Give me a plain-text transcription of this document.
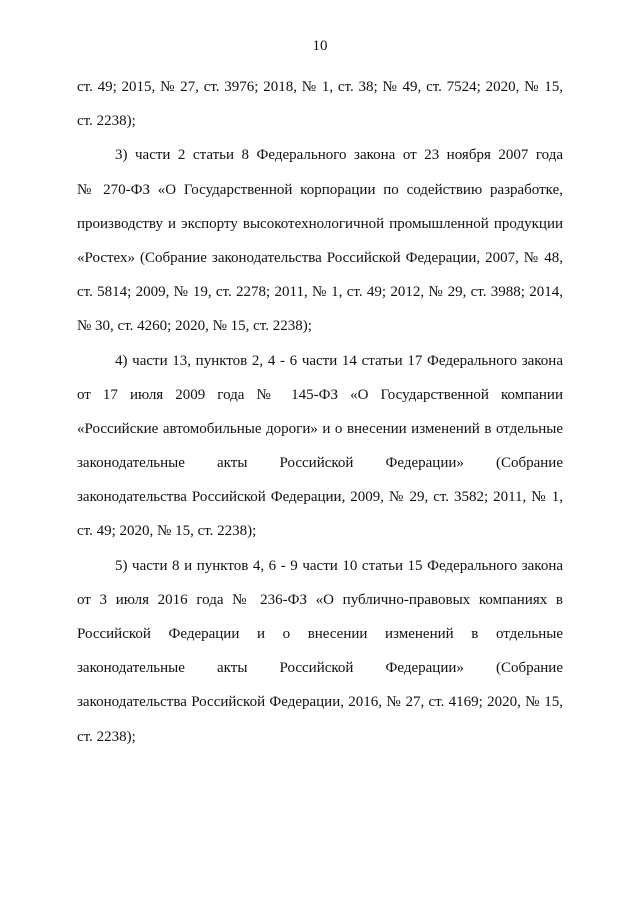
10
ст. 49; 2015, № 27, ст. 3976; 2018, № 1, ст. 38; № 49, ст. 7524; 2020, № 15,
ст. 2238);
3) части 2 статьи 8 Федерального закона от 23 ноября 2007 года
№ 270-ФЗ «О Государственной корпорации по содействию разработке,
производству и экспорту высокотехнологичной промышленной продукции
«Ростех» (Собрание законодательства Российской Федерации, 2007, № 48,
ст. 5814; 2009, № 19, ст. 2278; 2011, № 1, ст. 49; 2012, № 29, ст. 3988; 2014,
№ 30, ст. 4260; 2020, № 15, ст. 2238);
4) части 13, пунктов 2, 4 - 6 части 14 статьи 17 Федерального закона
от 17 июля 2009 года № 145-ФЗ «О Государственной компании
«Российские автомобильные дороги» и о внесении изменений в отдельные
законодательные акты Российской Федерации» (Собрание
законодательства Российской Федерации, 2009, № 29, ст. 3582; 2011, № 1,
ст. 49; 2020, № 15, ст. 2238);
5) части 8 и пунктов 4, 6 - 9 части 10 статьи 15 Федерального закона
от 3 июля 2016 года № 236-ФЗ «О публично-правовых компаниях в
Российской Федерации и о внесении изменений в отдельные
законодательные акты Российской Федерации» (Собрание
законодательства Российской Федерации, 2016, № 27, ст. 4169; 2020, № 15,
ст. 2238);
